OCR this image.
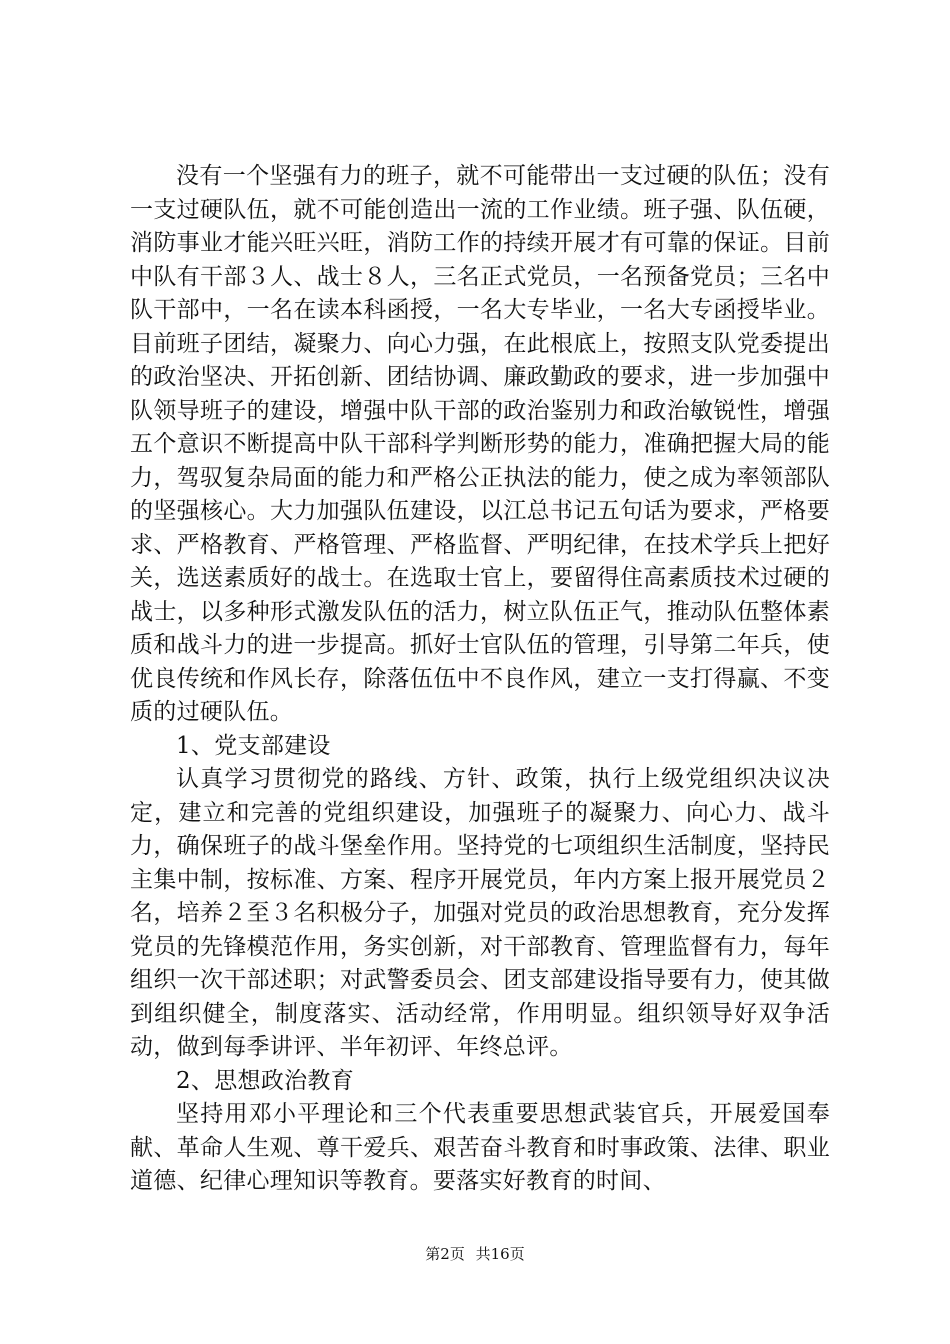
没有一个坚强有力的班子，就不可能带出一支过硬的队伍；没有一支过硬队伍，就不可能创造出一流的工作业绩。班子强、队伍硬，消防事业才能兴旺兴旺，消防工作的持续开展才有可靠的保证。目前中队有干部３人、战士８人，三名正式党员，一名预备党员；三名中队干部中，一名在读本科函授，一名大专毕业，一名大专函授毕业。目前班子团结，凝聚力、向心力强，在此根底上，按照支队党委提出的政治坚决、开拓创新、团结协调、廉政勤政的要求，进一步加强中队领导班子的建设，增强中队干部的政治鉴别力和政治敏锐性，增强五个意识不断提高中队干部科学判断形势的能力，准确把握大局的能力，驾驭复杂局面的能力和严格公正执法的能力，使之成为率领部队的坚强核心。大力加强队伍建设，以江总书记五句话为要求，严格要求、严格教育、严格管理、严格监督、严明纪律，在技术学兵上把好关，选送素质好的战士。在选取士官上，要留得住高素质技术过硬的战士，以多种形式激发队伍的活力，树立队伍正气，推动队伍整体素质和战斗力的进一步提高。抓好士官队伍的管理，引导第二年兵，使优良传统和作风长存，除落伍伍中不良作风，建立一支打得赢、不变质的过硬队伍。

1、党支部建设

认真学习贯彻党的路线、方针、政策，执行上级党组织决议决定，建立和完善的党组织建设，加强班子的凝聚力、向心力、战斗力，确保班子的战斗堡垒作用。坚持党的七项组织生活制度，坚持民主集中制，按标准、方案、程序开展党员，年内方案上报开展党员２名，培养２至３名积极分子，加强对党员的政治思想教育，充分发挥党员的先锋模范作用，务实创新，对干部教育、管理监督有力，每年组织一次干部述职；对武警委员会、团支部建设指导要有力，使其做到组织健全，制度落实、活动经常，作用明显。组织领导好双争活动，做到每季讲评、半年初评、年终总评。

2、思想政治教育

坚持用邓小平理论和三个代表重要思想武装官兵，开展爱国奉献、革命人生观、尊干爱兵、艰苦奋斗教育和时事政策、法律、职业道德、纪律心理知识等教育。要落实好教育的时间、

第2页 共16页
